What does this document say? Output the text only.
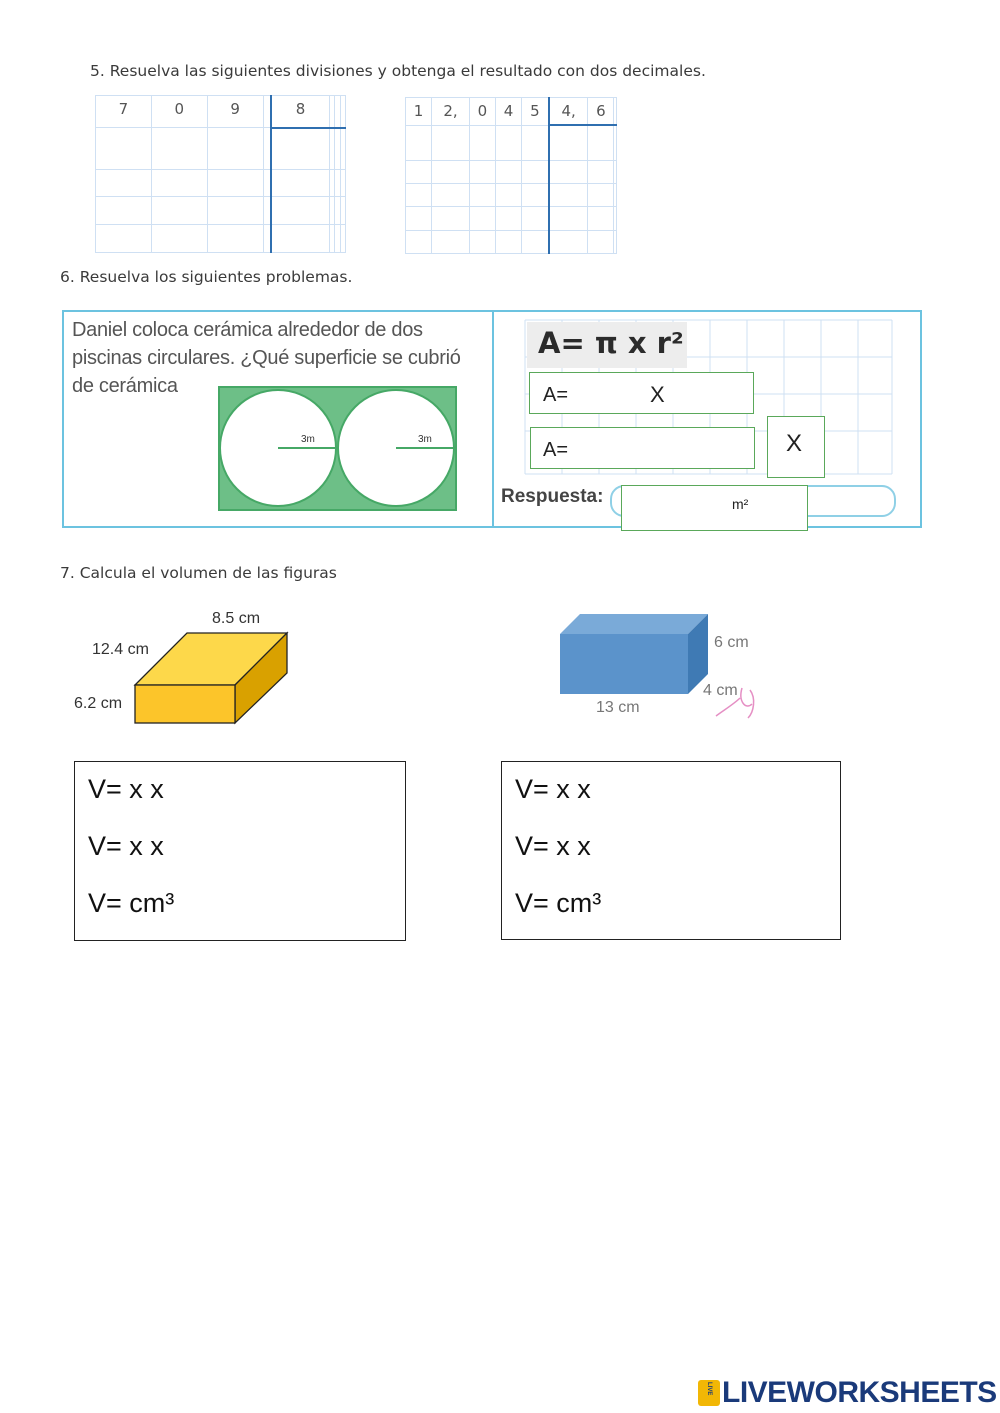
5. Resuelva las siguientes divisiones y obtenga el resultado con dos decimales.
7	0	9		8			

								1	2,	0	4	5	4,	6	

6. Resuelva los siguientes problemas.
Daniel coloca cerámica alrededor de dos
piscinas circulares. ¿Qué superficie se cubrió
de cerámica
3m	3m
A= π x r²
A=	X
A=	X
Respuesta:	m²
7. Calcula el volumen de las figuras
8.5 cm
12.4 cm
6.2 cm
6 cm
4 cm
13 cm
V= x x
V= x x
V= cm³
V= x x
V= x x
V= cm³
LIVE LIVEWORKSHEETS
